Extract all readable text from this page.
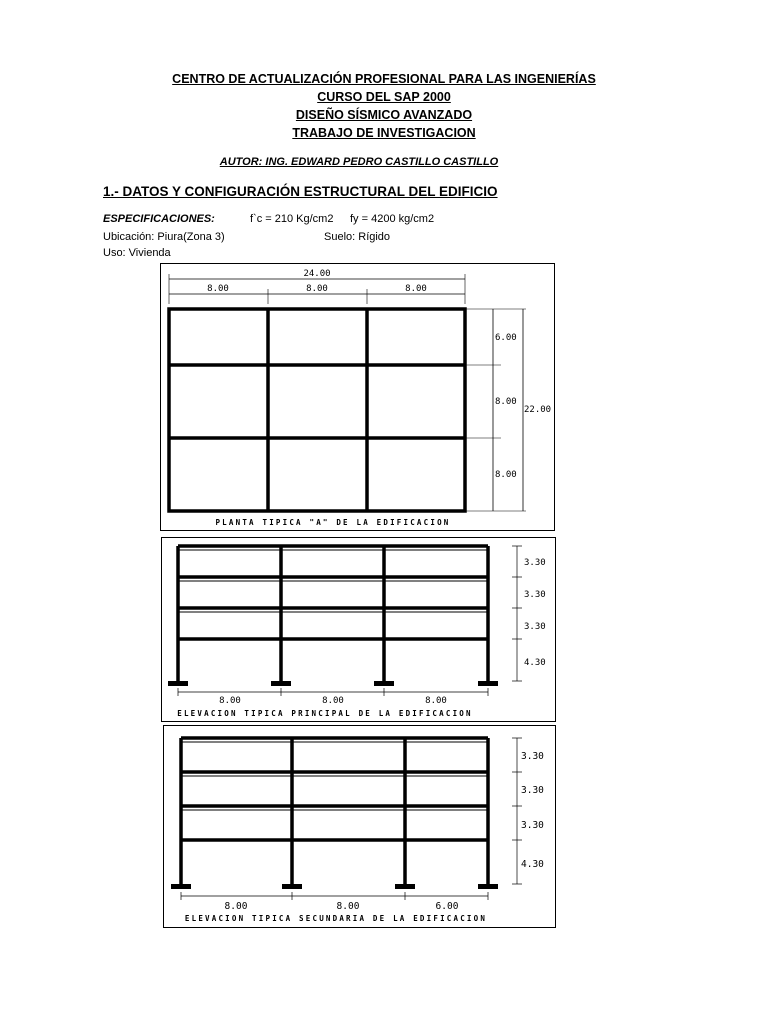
CENTRO DE ACTUALIZACIÓN PROFESIONAL PARA LAS INGENIERÍAS
CURSO DEL SAP 2000
DISEÑO SÍSMICO AVANZADO
TRABAJO DE INVESTIGACION
AUTOR: ING. EDWARD PEDRO CASTILLO CASTILLO
1.- DATOS Y CONFIGURACIÓN ESTRUCTURAL DEL EDIFICIO
ESPECIFICACIONES:	f`c = 210 Kg/cm2 fy = 4200 kg/cm2
Ubicación: Piura(Zona 3)	Suelo: Rígido
Uso: Vivienda
24.00
8.00	8.00	8.00
6.00
8.00
8.00
22.00
PLANTA TIPICA "A" DE LA EDIFICACION
8.00	8.00	8.00
3.30
3.30
3.30
4.30
ELEVACION TIPICA PRINCIPAL DE LA EDIFICACION
8.00	8.00	6.00
3.30
3.30
3.30
4.30
ELEVACION TIPICA SECUNDARIA DE LA EDIFICACION
